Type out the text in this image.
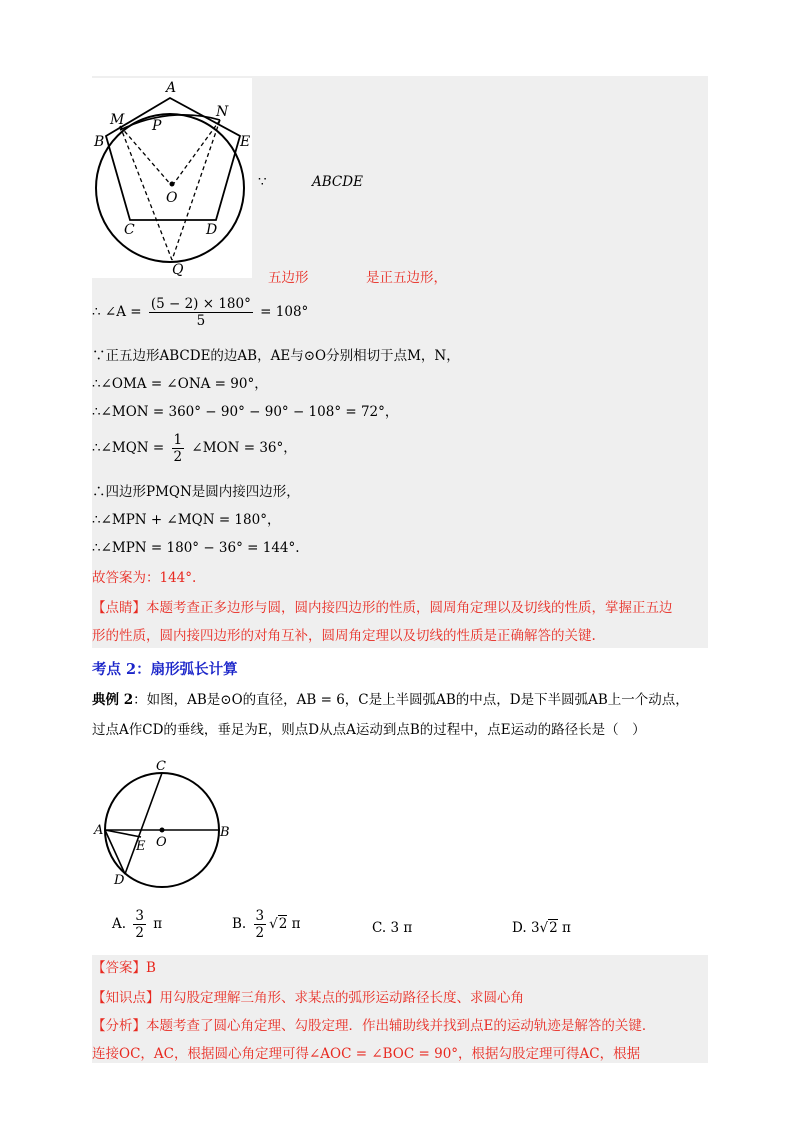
A
M	N
P
B	E
O
C	D
Q
∵	ABCDE
五边形	是正五边形，
∴ ∠A = $\frac{(5 - 2) \times 180^\circ}{5} = 108^\circ$
∵正五边形ABCDE的边AB，AE与⊙O分别相切于点M，N，
∴∠OMA = ∠ONA = 90°，
∴∠MON = 360° − 90° − 90° − 108° = 72°，
∴∠MQN = $\frac{1}{2}$ ∠MON = 36°，
∴四边形PMQN是圆内接四边形，
∴∠MPN + ∠MQN = 180°，
∴∠MPN = 180° − 36° = 144°.
故答案为：144°.
【点睛】本题考查正多边形与圆，圆内接四边形的性质，圆周角定理以及切线的性质，掌握正五边
形的性质，圆内接四边形的对角互补，圆周角定理以及切线的性质是正确解答的关键.
考点 2：扇形弧长计算
典例 2：如图，AB是⊙O的直径，AB = 6，C是上半圆弧AB的中点，D是下半圆弧AB上一个动点，
过点A作CD的垂线，垂足为E，则点D从点A运动到点B的过程中，点E运动的路径长是（　）
C
A	B
E O
D
A. $\frac{3}{2}$ π	B. $\frac{3}{2} √2$ π	C. 3 π	D. 3√2 π
【答案】B
【知识点】用勾股定理解三角形、求某点的弧形运动路径长度、求圆心角
【分析】本题考查了圆心角定理、勾股定理．作出辅助线并找到点E的运动轨迹是解答的关键．
连接OC，AC，根据圆心角定理可得∠AOC = ∠BOC = 90°，根据勾股定理可得AC，根据
